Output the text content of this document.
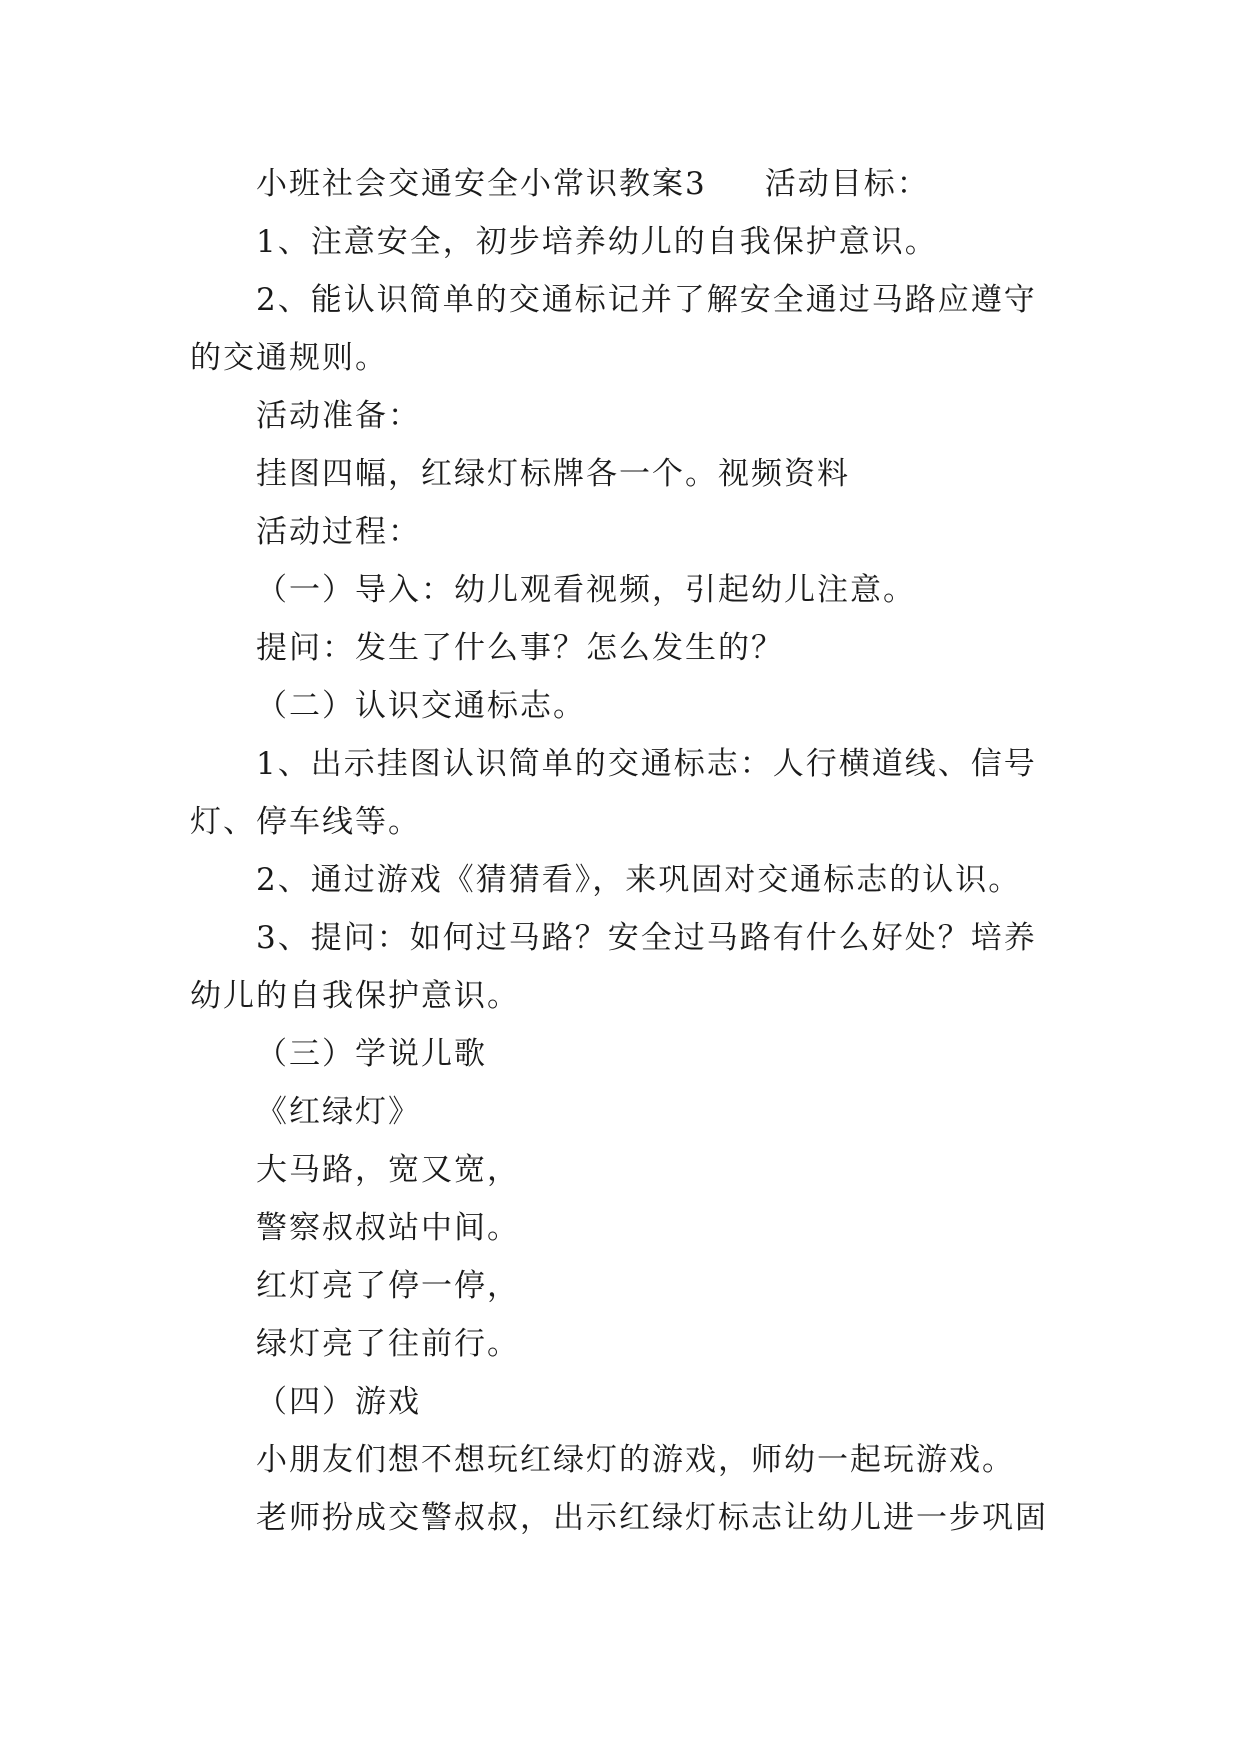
小班社会交通安全小常识教案3 活动目标：
1、注意安全，初步培养幼儿的自我保护意识。
2、能认识简单的交通标记并了解安全通过马路应遵守
的交通规则。
活动准备：
挂图四幅，红绿灯标牌各一个。视频资料
活动过程：
（一）导入：幼儿观看视频，引起幼儿注意。
提问：发生了什么事？怎么发生的？
（二）认识交通标志。
1、出示挂图认识简单的交通标志：人行横道线、信号
灯、停车线等。
2、通过游戏《猜猜看》，来巩固对交通标志的认识。
3、提问：如何过马路？安全过马路有什么好处？培养
幼儿的自我保护意识。
（三）学说儿歌
《红绿灯》
大马路，宽又宽，
警察叔叔站中间。
红灯亮了停一停，
绿灯亮了往前行。
（四）游戏
小朋友们想不想玩红绿灯的游戏，师幼一起玩游戏。
老师扮成交警叔叔，出示红绿灯标志让幼儿进一步巩固
